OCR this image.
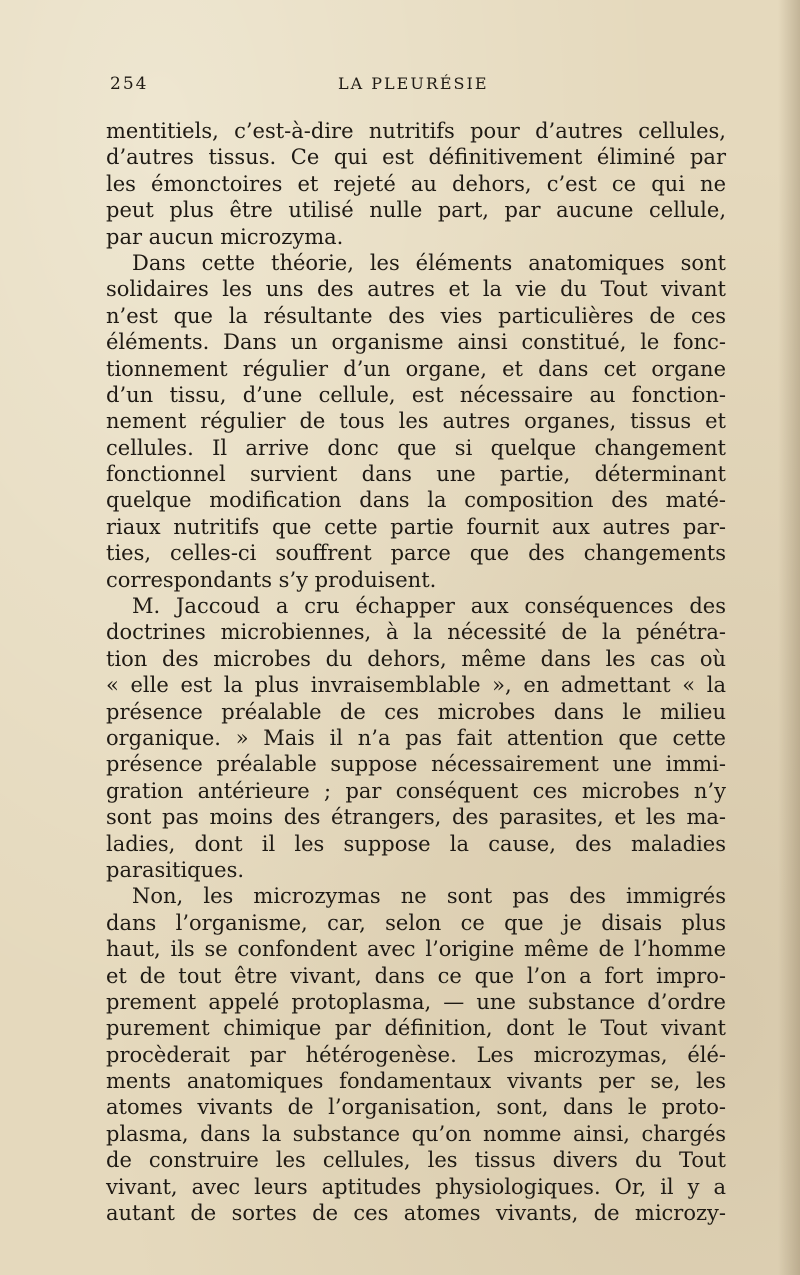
254	LA PLEURÉSIE
mentitiels, c’est-à-dire nutritifs pour d’autres cellules,
d’autres tissus. Ce qui est définitivement éliminé par
les émonctoires et rejeté au dehors, c’est ce qui ne
peut plus être utilisé nulle part, par aucune cellule,
par aucun microzyma.
Dans cette théorie, les éléments anatomiques sont
solidaires les uns des autres et la vie du Tout vivant
n’est que la résultante des vies particulières de ces
éléments. Dans un organisme ainsi constitué, le fonc-
tionnement régulier d’un organe, et dans cet organe
d’un tissu, d’une cellule, est nécessaire au fonction-
nement régulier de tous les autres organes, tissus et
cellules. Il arrive donc que si quelque changement
fonctionnel survient dans une partie, déterminant
quelque modification dans la composition des maté-
riaux nutritifs que cette partie fournit aux autres par-
ties, celles-ci souffrent parce que des changements
correspondants s’y produisent.
M. Jaccoud a cru échapper aux conséquences des
doctrines microbiennes, à la nécessité de la pénétra-
tion des microbes du dehors, même dans les cas où
« elle est la plus invraisemblable », en admettant « la
présence préalable de ces microbes dans le milieu
organique. » Mais il n’a pas fait attention que cette
présence préalable suppose nécessairement une immi-
gration antérieure ; par conséquent ces microbes n’y
sont pas moins des étrangers, des parasites, et les ma-
ladies, dont il les suppose la cause, des maladies
parasitiques.
Non, les microzymas ne sont pas des immigrés
dans l’organisme, car, selon ce que je disais plus
haut, ils se confondent avec l’origine même de l’homme
et de tout être vivant, dans ce que l’on a fort impro-
prement appelé protoplasma, — une substance d’ordre
purement chimique par définition, dont le Tout vivant
procèderait par hétérogenèse. Les microzymas, élé-
ments anatomiques fondamentaux vivants per se, les
atomes vivants de l’organisation, sont, dans le proto-
plasma, dans la substance qu’on nomme ainsi, chargés
de construire les cellules, les tissus divers du Tout
vivant, avec leurs aptitudes physiologiques. Or, il y a
autant de sortes de ces atomes vivants, de microzy-
